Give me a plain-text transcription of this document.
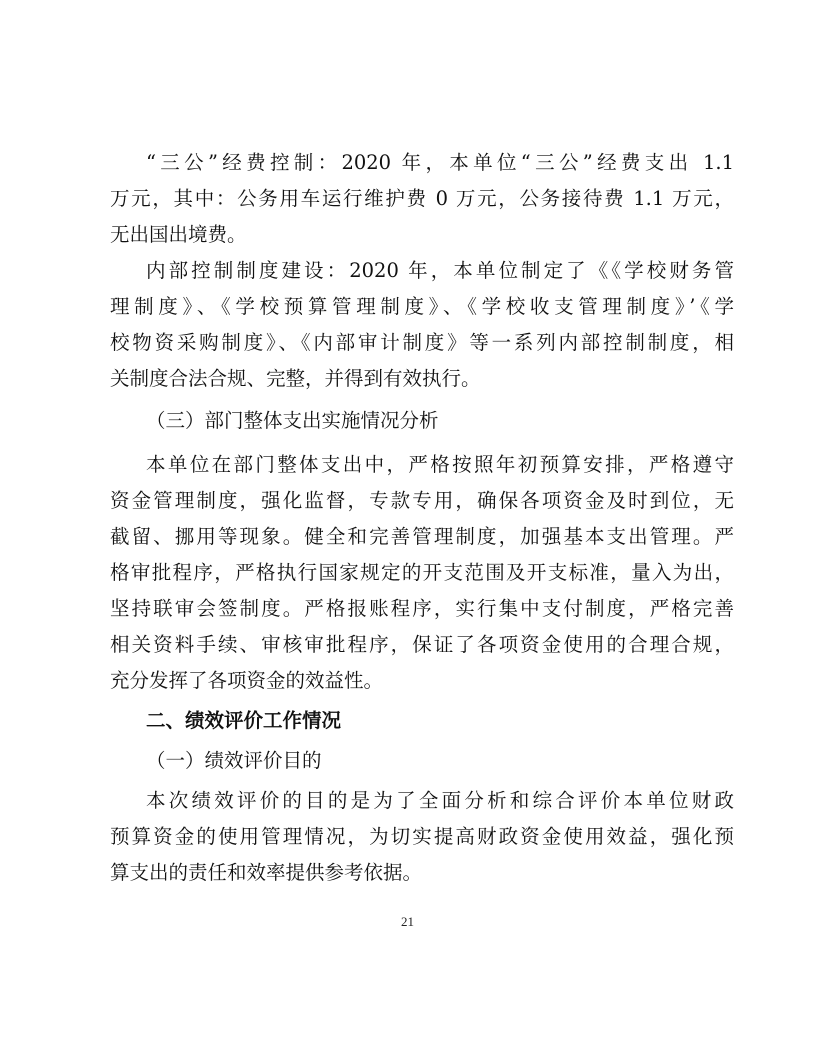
“三公”经费控制：2020 年，本单位“三公”经费支出 1.1
万元，其中：公务用车运行维护费 0 万元，公务接待费 1.1 万元，
无出国出境费。
内部控制制度建设：2020 年，本单位制定了《《学校财务管
理制度》、《学校预算管理制度》、《学校收支管理制度》’《学
校物资采购制度》、《内部审计制度》等一系列内部控制制度，相
关制度合法合规、完整，并得到有效执行。
（三）部门整体支出实施情况分析
本单位在部门整体支出中，严格按照年初预算安排，严格遵守
资金管理制度，强化监督，专款专用，确保各项资金及时到位，无
截留、挪用等现象。健全和完善管理制度，加强基本支出管理。严
格审批程序，严格执行国家规定的开支范围及开支标准，量入为出，
坚持联审会签制度。严格报账程序，实行集中支付制度，严格完善
相关资料手续、审核审批程序，保证了各项资金使用的合理合规，
充分发挥了各项资金的效益性。
二、绩效评价工作情况
（一）绩效评价目的
本次绩效评价的目的是为了全面分析和综合评价本单位财政
预算资金的使用管理情况，为切实提高财政资金使用效益，强化预
算支出的责任和效率提供参考依据。
21
